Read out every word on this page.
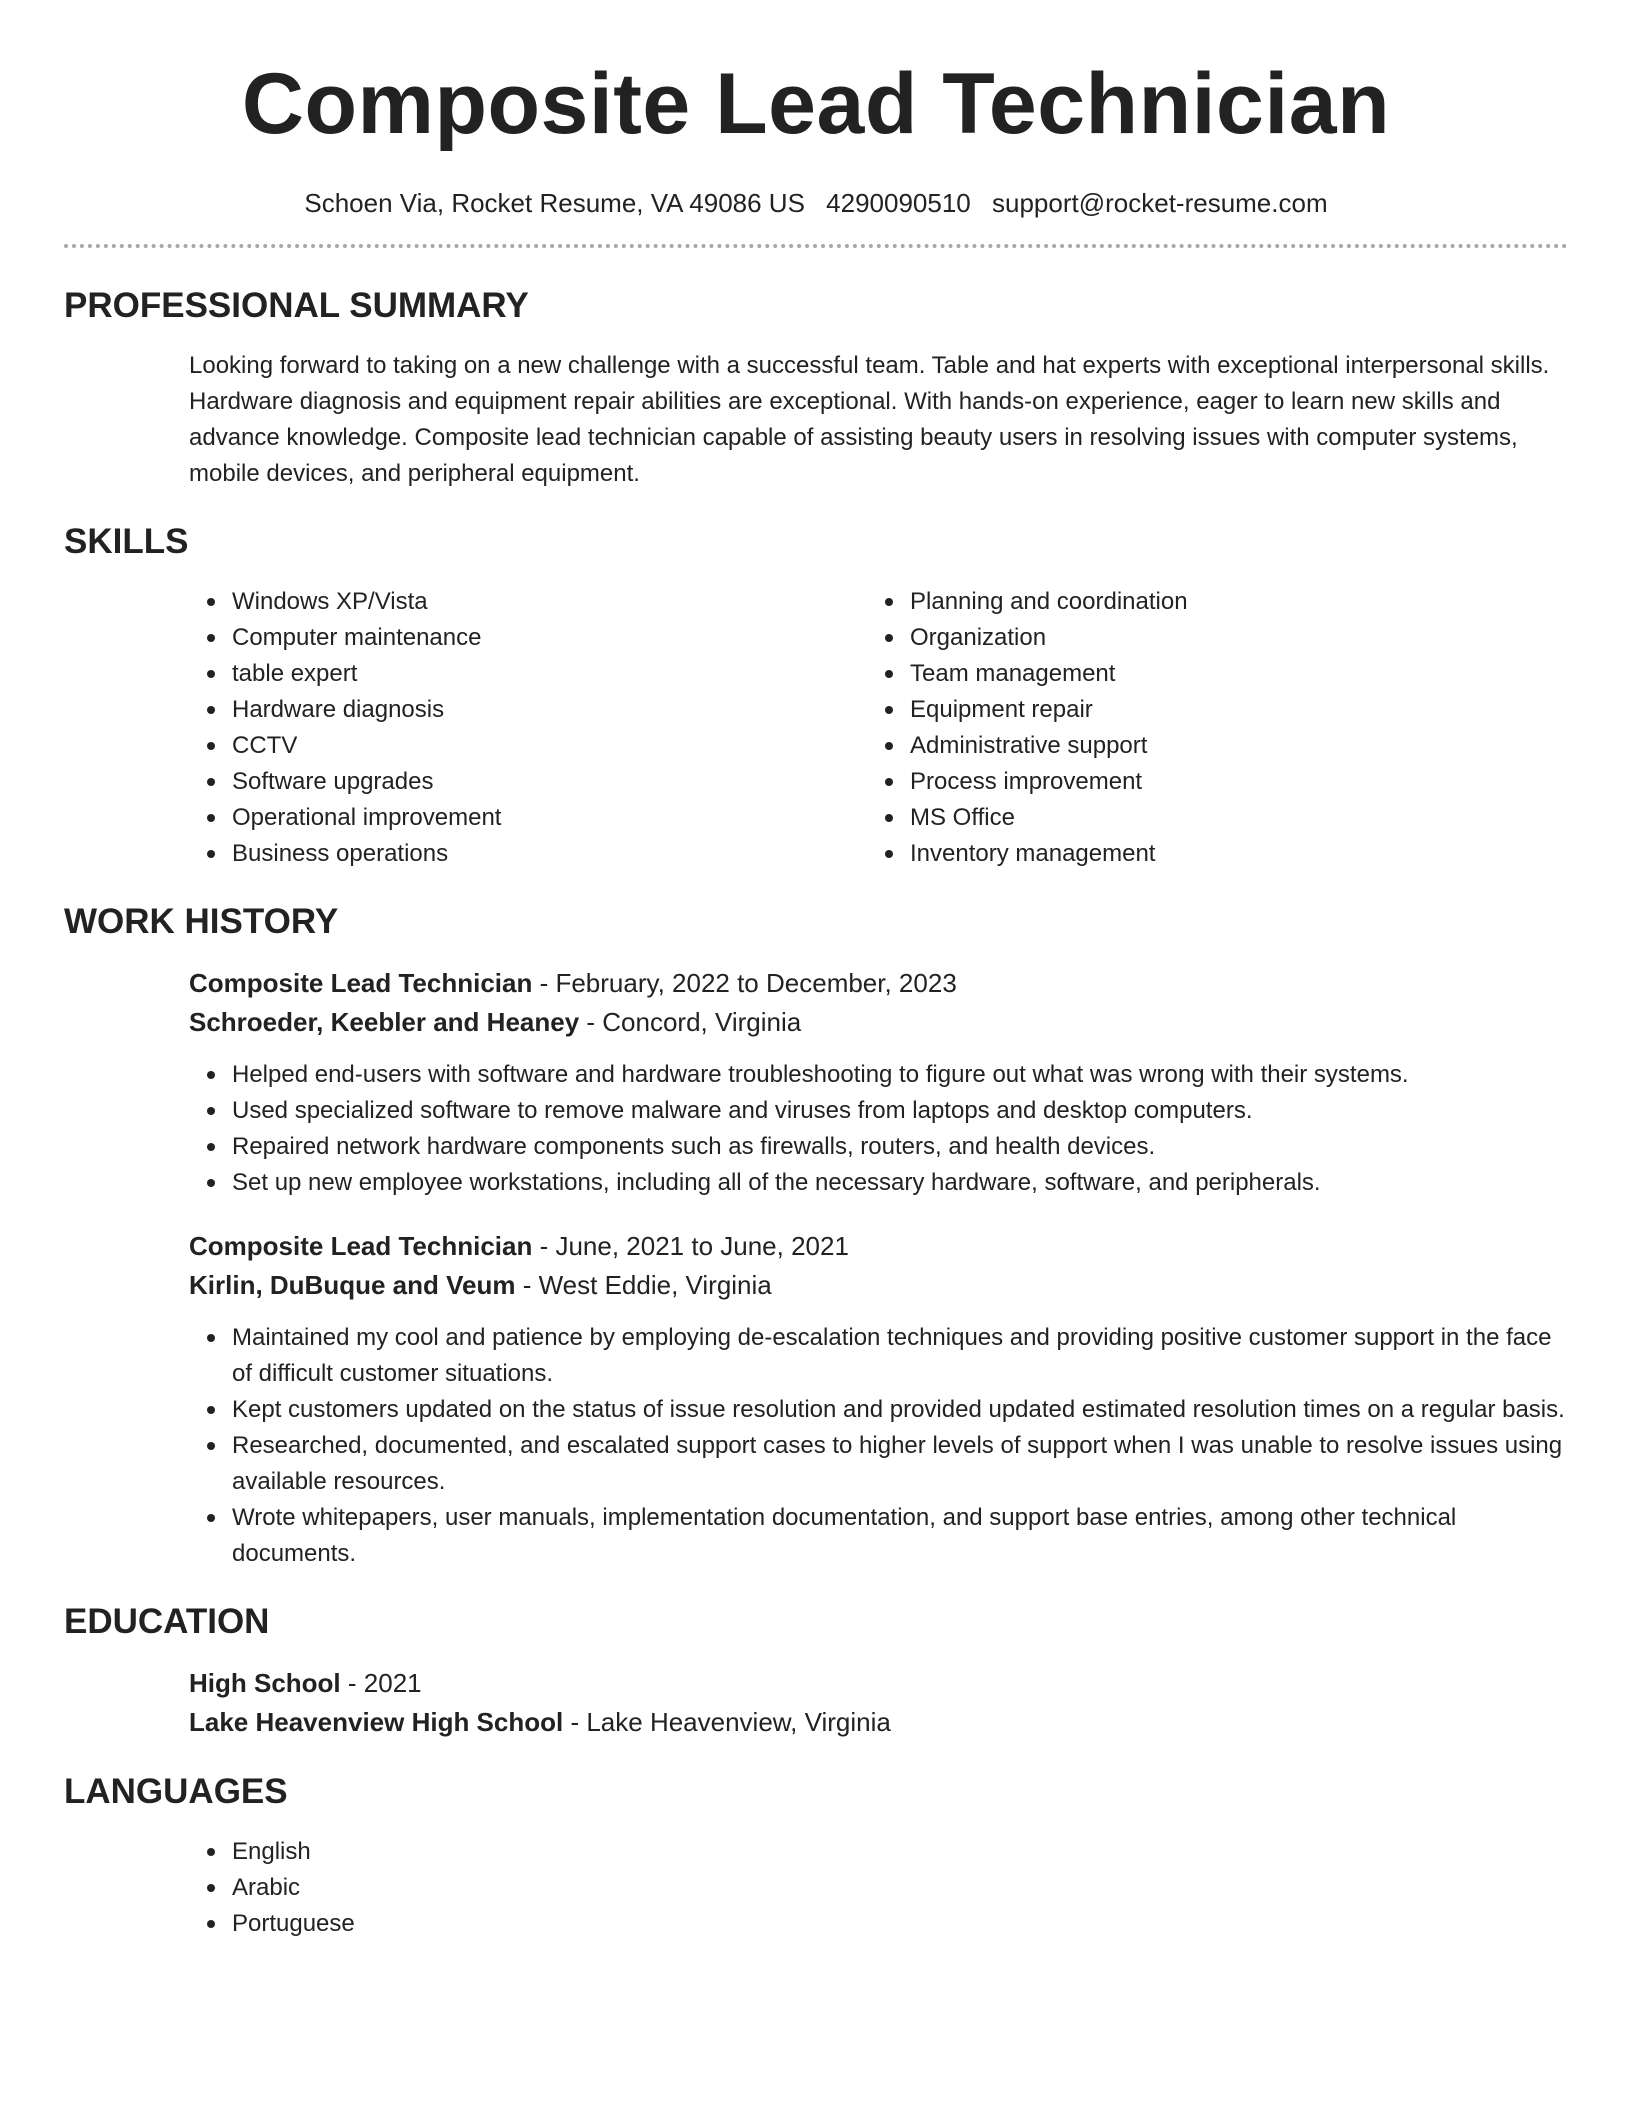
Composite Lead Technician
Schoen Via, Rocket Resume, VA 49086 US 4290090510 support@rocket-resume.com
PROFESSIONAL SUMMARY

Looking forward to taking on a new challenge with a successful team. Table and hat experts with exceptional interpersonal skills. Hardware diagnosis and equipment repair abilities are exceptional. With hands-on experience, eager to learn new skills and advance knowledge. Composite lead technician capable of assisting beauty users in resolving issues with computer systems, mobile devices, and peripheral equipment.

SKILLS
Windows XP/Vista
Computer maintenance
table expert
Hardware diagnosis
CCTV
Software upgrades
Operational improvement
Business operations
Planning and coordination
Organization
Team management
Equipment repair
Administrative support
Process improvement
MS Office
Inventory management
WORK HISTORY
Composite Lead Technician - February, 2022 to December, 2023
Schroeder, Keebler and Heaney - Concord, Virginia
Helped end-users with software and hardware troubleshooting to figure out what was wrong with their systems.
Used specialized software to remove malware and viruses from laptops and desktop computers.
Repaired network hardware components such as firewalls, routers, and health devices.
Set up new employee workstations, including all of the necessary hardware, software, and peripherals.
Composite Lead Technician - June, 2021 to June, 2021
Kirlin, DuBuque and Veum - West Eddie, Virginia
Maintained my cool and patience by employing de-escalation techniques and providing positive customer support in the face of difficult customer situations.
Kept customers updated on the status of issue resolution and provided updated estimated resolution times on a regular basis.
Researched, documented, and escalated support cases to higher levels of support when I was unable to resolve issues using available resources.
Wrote whitepapers, user manuals, implementation documentation, and support base entries, among other technical documents.
EDUCATION
High School - 2021
Lake Heavenview High School - Lake Heavenview, Virginia
LANGUAGES
English
Arabic
Portuguese
